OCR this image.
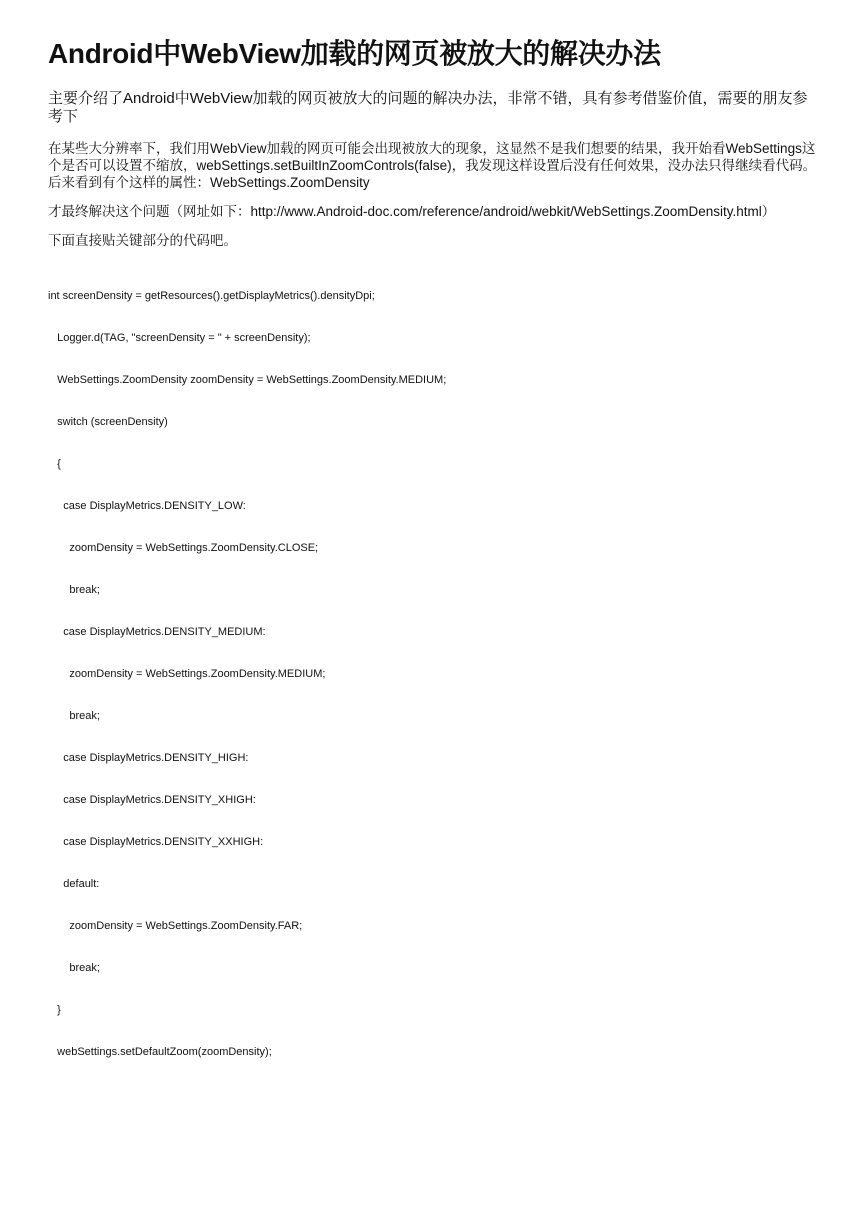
Android中WebView加载的网页被放大的解决办法

主要介绍了Android中WebView加载的网页被放大的问题的解决办法，非常不错，具有参考借鉴价值，需要的朋友参考下

在某些大分辨率下，我们用WebView加载的网页可能会出现被放大的现象，这显然不是我们想要的结果，我开始看WebSettings这个是否可以设置不缩放，webSettings.setBuiltInZoomControls(false)，我发现这样设置后没有任何效果，没办法只得继续看代码。后来看到有个这样的属性：WebSettings.ZoomDensity

才最终解决这个问题（网址如下：http://www.Android-doc.com/reference/android/webkit/WebSettings.ZoomDensity.html）

下面直接贴关键部分的代码吧。

int screenDensity = getResources().getDisplayMetrics().densityDpi;

Logger.d(TAG, "screenDensity = " + screenDensity);

WebSettings.ZoomDensity zoomDensity = WebSettings.ZoomDensity.MEDIUM;

switch (screenDensity)

{

case DisplayMetrics.DENSITY_LOW:

zoomDensity = WebSettings.ZoomDensity.CLOSE;

break;

case DisplayMetrics.DENSITY_MEDIUM:

zoomDensity = WebSettings.ZoomDensity.MEDIUM;

break;

case DisplayMetrics.DENSITY_HIGH:

case DisplayMetrics.DENSITY_XHIGH:

case DisplayMetrics.DENSITY_XXHIGH:

default:

zoomDensity = WebSettings.ZoomDensity.FAR;

break;

}

webSettings.setDefaultZoom(zoomDensity);
